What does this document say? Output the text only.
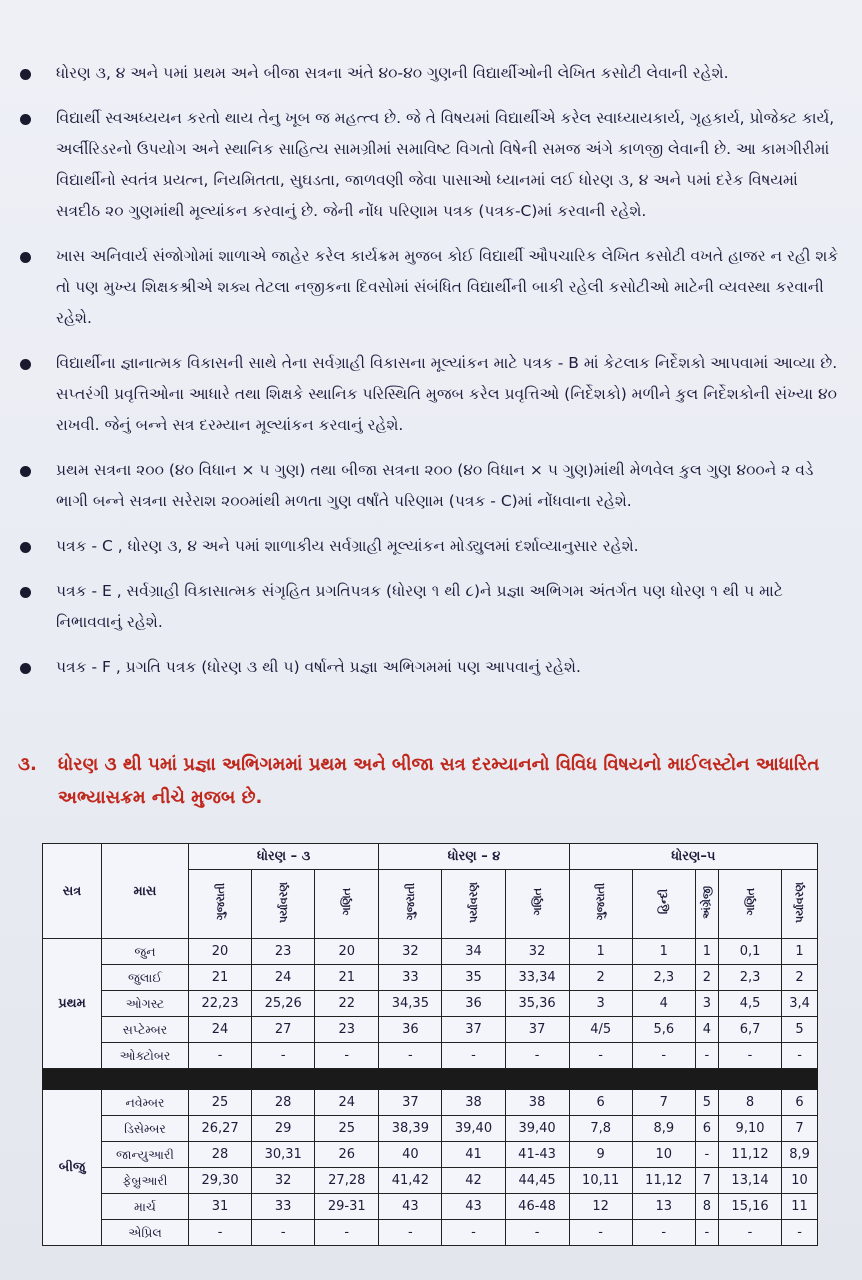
ધોરણ ૩, ૪ અને ૫માં પ્રથમ અને બીજા સત્રના અંતે ૪૦-૪૦ ગુણની વિદ્યાર્થીઓની લેખિત કસોટી લેવાની રહેશે.
વિદ્યાર્થી સ્વઅધ્યયન કરતો થાય તેનુ ખૂબ જ મહત્ત્વ છે. જે તે વિષયમાં વિદ્યાર્થીએ કરેલ સ્વાધ્યાયકાર્ય, ગૃહકાર્ય, પ્રોજેક્ટ કાર્ય, અર્લીરિડરનો ઉપયોગ અને સ્થાનિક સાહિત્ય સામગ્રીમાં સમાવિષ્ટ વિગતો વિષેની સમજ અંગે કાળજી લેવાની છે. આ કામગીરીમાં વિદ્યાર્થીનો સ્વતંત્ર પ્રયત્ન, નિયમિતતા, સુઘડતા, જાળવણી જેવા પાસાઓ ધ્યાનમાં લઈ ધોરણ ૩, ૪ અને ૫માં દરેક વિષયમાં સત્રદીઠ ૨૦ ગુણમાંથી મૂલ્યાંકન કરવાનું છે. જેની નોંધ પરિણામ પત્રક (પત્રક-C)માં કરવાની રહેશે.
ખાસ અનિવાર્ય સંજોગોમાં શાળાએ જાહેર કરેલ કાર્યક્રમ મુજબ કોઈ વિદ્યાર્થી ઔપચારિક લેખિત કસોટી વખતે હાજર ન રહી શકે તો પણ મુખ્ય શિક્ષકશ્રીએ શક્ય તેટલા નજીકના દિવસોમાં સંબંધિત વિદ્યાર્થીની બાકી રહેલી કસોટીઓ માટેની વ્યવસ્થા કરવાની રહેશે.
વિદ્યાર્થીના જ્ઞાનાત્મક વિકાસની સાથે તેના સર્વગ્રાહી વિકાસના મૂલ્યાંકન માટે પત્રક - B માં કેટલાક નિર્દેશકો આપવામાં આવ્યા છે. સપ્તરંગી પ્રવૃત્તિઓના આધારે તથા શિક્ષકે સ્થાનિક પરિસ્થિતિ મુજબ કરેલ પ્રવૃત્તિઓ (નિર્દેશકો) મળીને કુલ નિર્દેશકોની સંખ્યા ૪૦ રાખવી. જેનું બન્ને સત્ર દરમ્યાન મૂલ્યાંકન કરવાનું રહેશે.
પ્રથમ સત્રના ૨૦૦ (૪૦ વિધાન × ૫ ગુણ) તથા બીજા સત્રના ૨૦૦ (૪૦ વિધાન × ૫ ગુણ)માંથી મેળવેલ કુલ ગુણ ૪૦૦ને ૨ વડે ભાગી બન્ને સત્રના સરેરાશ ૨૦૦માંથી મળતા ગુણ વર્ષાંતે પરિણામ (પત્રક - C)માં નોંધવાના રહેશે.
પત્રક - C , ધોરણ ૩, ૪ અને ૫માં શાળાકીય સર્વગ્રાહી મૂલ્યાંકન મોડ્યુલમાં દર્શાવ્યાનુસાર રહેશે.
પત્રક - E , સર્વગ્રાહી વિકાસાત્મક સંગૃહિત પ્રગતિપત્રક (ધોરણ ૧ થી ૮)ને પ્રજ્ઞા અભિગમ અંતર્ગત પણ ધોરણ ૧ થી ૫ માટે નિભાવવાનું રહેશે.
પત્રક - F , પ્રગતિ પત્રક (ધોરણ ૩ થી ૫) વર્ષાન્તે પ્રજ્ઞા અભિગમમાં પણ આપવાનું રહેશે.
૩.	ધોરણ ૩ થી ૫માં પ્રજ્ઞા અભિગમમાં પ્રથમ અને બીજા સત્ર દરમ્યાનનો વિવિધ વિષયનો માઈલસ્ટોન આધારિત અભ્યાસક્રમ નીચે મુજબ છે.
સત્ર	માસ	ધોરણ – ૩			ધોરણ – ૪			ધોરણ–૫				
		ગુજરાતી	પર્યાવરણ	ગણિત	ગુજરાતી	પર્યાવરણ	ગણિત	ગુજરાતી	હિન્દી	અંગ્રેજી	ગણિત	પર્યાવરણ
પ્રથમ	જુન	20	23	20	32	34	32	1	1	1	0,1	1
	જુલાઈ	21	24	21	33	35	33,34	2	2,3	2	2,3	2
	ઓગસ્ટ	22,23	25,26	22	34,35	36	35,36	3	4	3	4,5	3,4
	સપ્ટેમ્બર	24	27	23	36	37	37	4/5	5,6	4	6,7	5
	ઓક્ટોબર	-	-	-	-	-	-	-	-	-	-	-

બીજુ	નવેમ્બર	25	28	24	37	38	38	6	7	5	8	6
	ડિસેમ્બર	26,27	29	25	38,39	39,40	39,40	7,8	8,9	6	9,10	7
	જાન્યુઆરી	28	30,31	26	40	41	41-43	9	10	-	11,12	8,9
	ફેબ્રુઆરી	29,30	32	27,28	41,42	42	44,45	10,11	11,12	7	13,14	10
	માર્ચ	31	33	29-31	43	43	46-48	12	13	8	15,16	11
	એપ્રિલ	-	-	-	-	-	-	-	-	-	-	-
